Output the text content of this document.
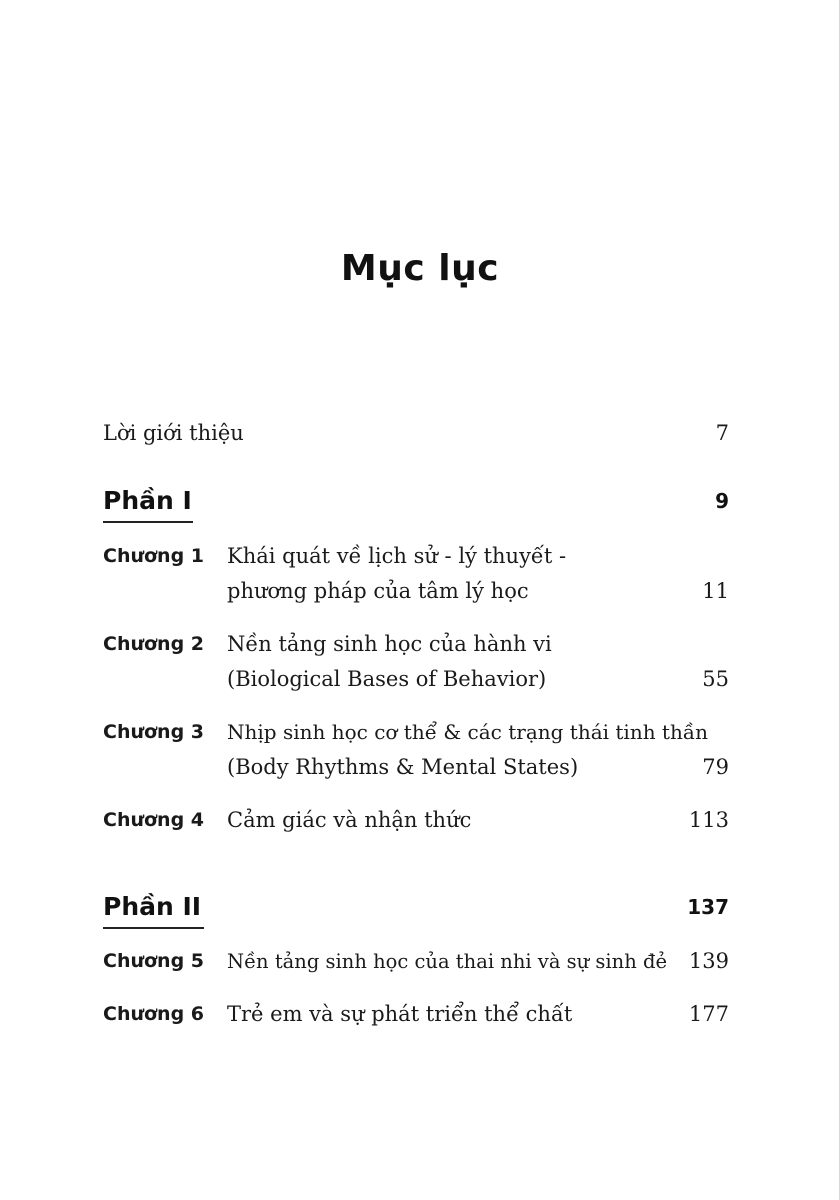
Mục lục
Lời giới thiệu	7
Phần I	9
Chương 1 Khái quát về lịch sử - lý thuyết -
phương pháp của tâm lý học	11
Chương 2 Nền tảng sinh học của hành vi
(Biological Bases of Behavior)	55
Chương 3 Nhịp sinh học cơ thể & các trạng thái tinh thần
(Body Rhythms & Mental States)	79
Chương 4 Cảm giác và nhận thức	113
Phần II	137
Chương 5 Nền tảng sinh học của thai nhi và sự sinh đẻ	139
Chương 6 Trẻ em và sự phát triển thể chất	177
